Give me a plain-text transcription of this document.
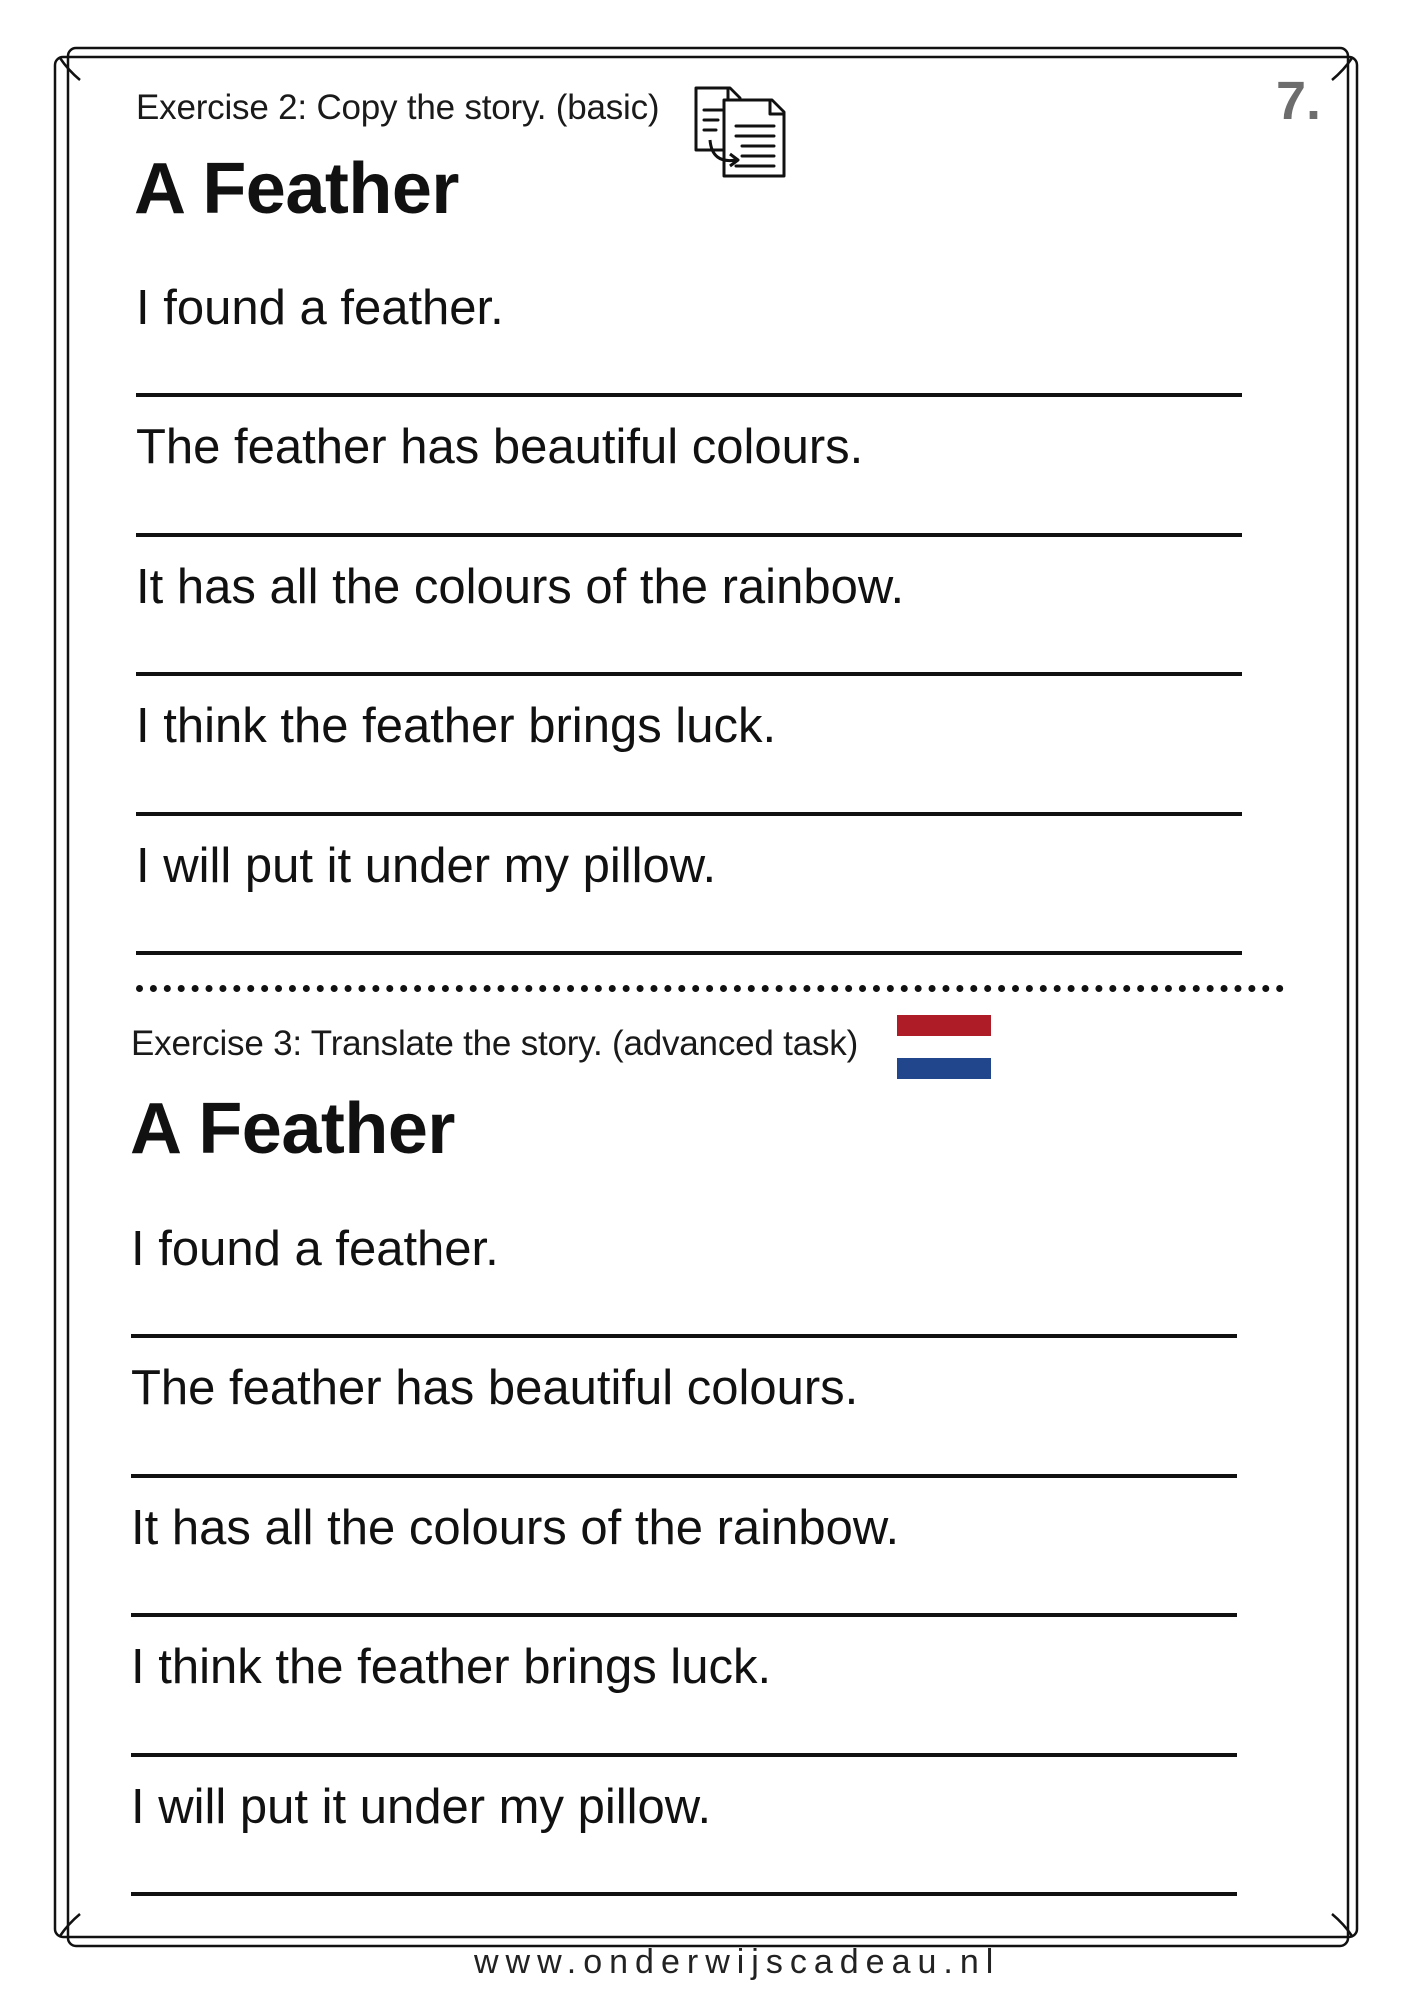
7.
Exercise 2: Copy the story. (basic)
A Feather
I found a feather.
The feather has beautiful colours.
It has all the colours of the rainbow.
I think the feather brings luck.
I will put it under my pillow.
Exercise 3: Translate the story. (advanced task)
A Feather
I found a feather.
The feather has beautiful colours.
It has all the colours of the rainbow.
I think the feather brings luck.
I will put it under my pillow.
www.onderwijscadeau.nl
